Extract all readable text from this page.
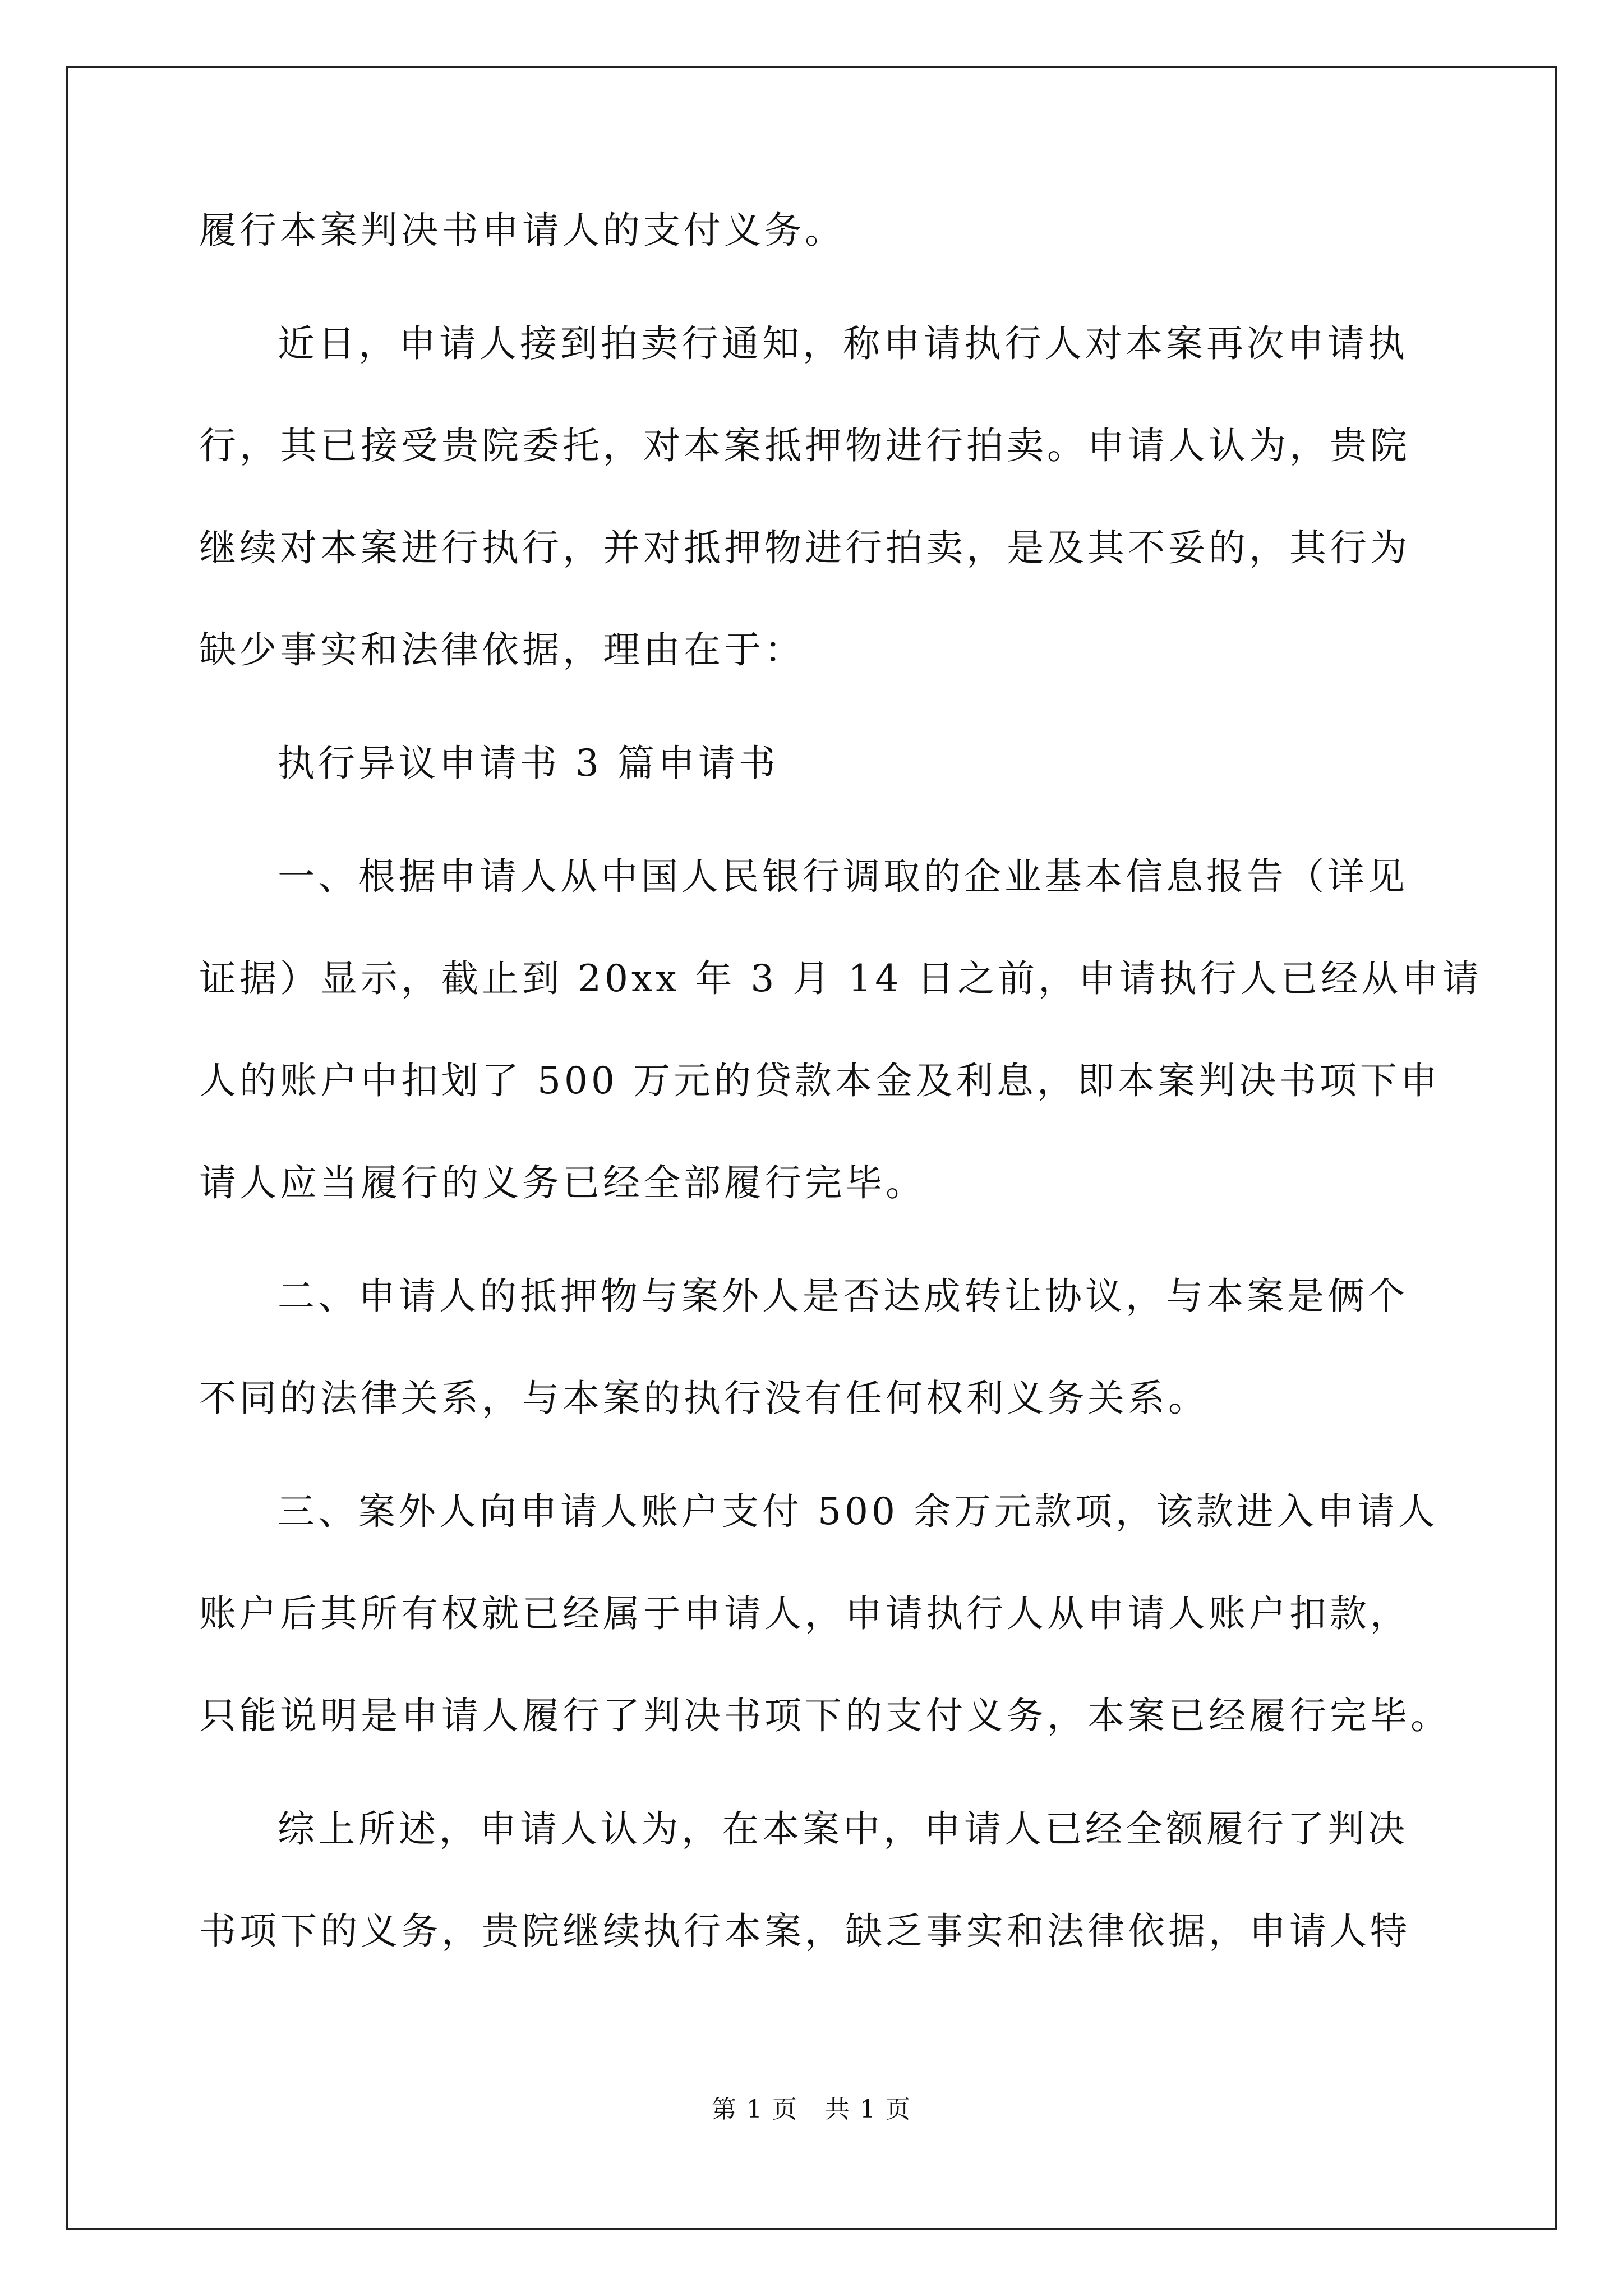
履行本案判决书申请人的支付义务。
近日，申请人接到拍卖行通知，称申请执行人对本案再次申请执
行，其已接受贵院委托，对本案抵押物进行拍卖。申请人认为，贵院
继续对本案进行执行，并对抵押物进行拍卖，是及其不妥的，其行为
缺少事实和法律依据，理由在于：
执行异议申请书 3 篇申请书
一、根据申请人从中国人民银行调取的企业基本信息报告（详见
证据）显示，截止到 20xx 年 3 月 14 日之前，申请执行人已经从申请
人的账户中扣划了 500 万元的贷款本金及利息，即本案判决书项下申
请人应当履行的义务已经全部履行完毕。
二、申请人的抵押物与案外人是否达成转让协议，与本案是俩个
不同的法律关系，与本案的执行没有任何权利义务关系。
三、案外人向申请人账户支付 500 余万元款项，该款进入申请人
账户后其所有权就已经属于申请人，申请执行人从申请人账户扣款，
只能说明是申请人履行了判决书项下的支付义务，本案已经履行完毕。
综上所述，申请人认为，在本案中，申请人已经全额履行了判决
书项下的义务，贵院继续执行本案，缺乏事实和法律依据，申请人特
第 1 页 共 1 页
